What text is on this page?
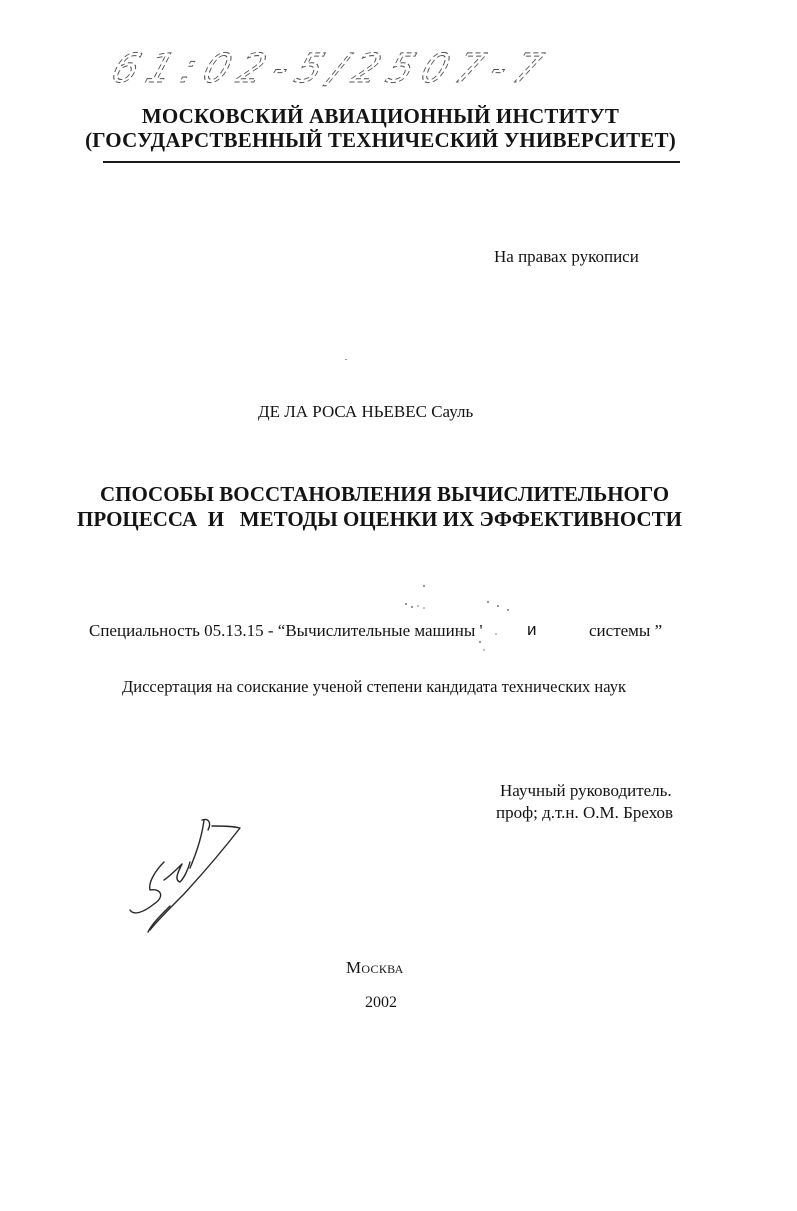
61:02-5/2507-7
МОСКОВСКИЙ АВИАЦИОННЫЙ ИНСТИТУТ
(ГОСУДАРСТВЕННЫЙ ТЕХНИЧЕСКИЙ УНИВЕРСИТЕТ)
На правах рукописи
ДЕ ЛА РОСА НЬЕВЕС Сауль
СПОСОБЫ ВОССТАНОВЛЕНИЯ ВЫЧИСЛИТЕЛЬНОГО
ПРОЦЕССА  И   МЕТОДЫ ОЦЕНКИ ИХ ЭФФЕКТИВНОСТИ
Специальность 05.13.15 - “Вычислительные машины '	и	системы ”
Диссертация на соискание ученой степени кандидата технических наук
Научный руководитель.
проф; д.т.н. О.М. Брехов
Москва
2002
